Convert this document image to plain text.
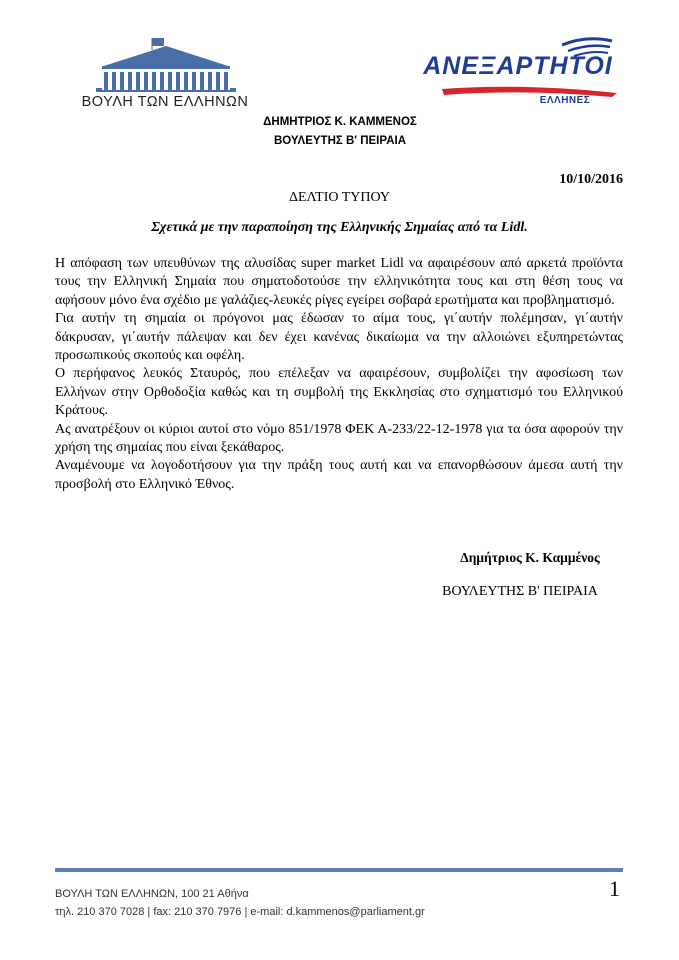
ΒΟΥΛΗ ΤΩΝ ΕΛΛΗΝΩΝ
ΑΝΕΞΑΡΤΗΤΟΙ
ΕΛΛΗΝΕΣ
ΔΗΜΗΤΡΙΟΣ Κ. ΚΑΜΜΕΝΟΣ
ΒΟΥΛΕΥΤΗΣ Β' ΠΕΙΡΑΙΑ
10/10/2016
ΔΕΛΤΙΟ ΤΥΠΟΥ
Σχετικά με την παραποίηση της Ελληνικής Σημαίας από τα Lidl.

Η απόφαση των υπευθύνων της αλυσίδας super market Lidl να αφαιρέσουν από αρκετά προϊόντα τους την Ελληνική Σημαία που σηματοδοτούσε την ελληνικότητα τους και στη θέση τους να αφήσουν μόνο ένα σχέδιο με γαλάζιες-λευκές ρίγες εγείρει σοβαρά ερωτήματα και προβληματισμό.

Για αυτήν τη σημαία οι πρόγονοι μας έδωσαν το αίμα τους, γι΄αυτήν πολέμησαν, γι΄αυτήν δάκρυσαν, γι΄αυτήν πάλεψαν και δεν έχει κανένας δικαίωμα να την αλλοιώνει εξυπηρετώντας προσωπικούς σκοπούς και οφέλη.

Ο περήφανος λευκός Σταυρός, που επέλεξαν να αφαιρέσουν, συμβολίζει την αφοσίωση των Ελλήνων στην Ορθοδοξία καθώς και τη συμβολή της Εκκλησίας στο σχηματισμό του Ελληνικού Κράτους.

Ας ανατρέξουν οι κύριοι αυτοί στο νόμο 851/1978 ΦΕΚ Α-233/22-12-1978 για τα όσα αφορούν την χρήση της σημαίας που είναι ξεκάθαρος.

Αναμένουμε να λογοδοτήσουν για την πράξη τους αυτή και να επανορθώσουν άμεσα αυτή την προσβολή στο Ελληνικό Έθνος.

Δημήτριος Κ. Καμμένος
ΒΟΥΛΕΥΤΗΣ Β' ΠΕΙΡΑΙΑ
ΒΟΥΛΗ ΤΩΝ ΕΛΛΗΝΩΝ, 100 21 Αθήνα
τηλ. 210 370 7028 | fax: 210 370 7976 | e-mail: d.kammenos@parliament.gr
1
